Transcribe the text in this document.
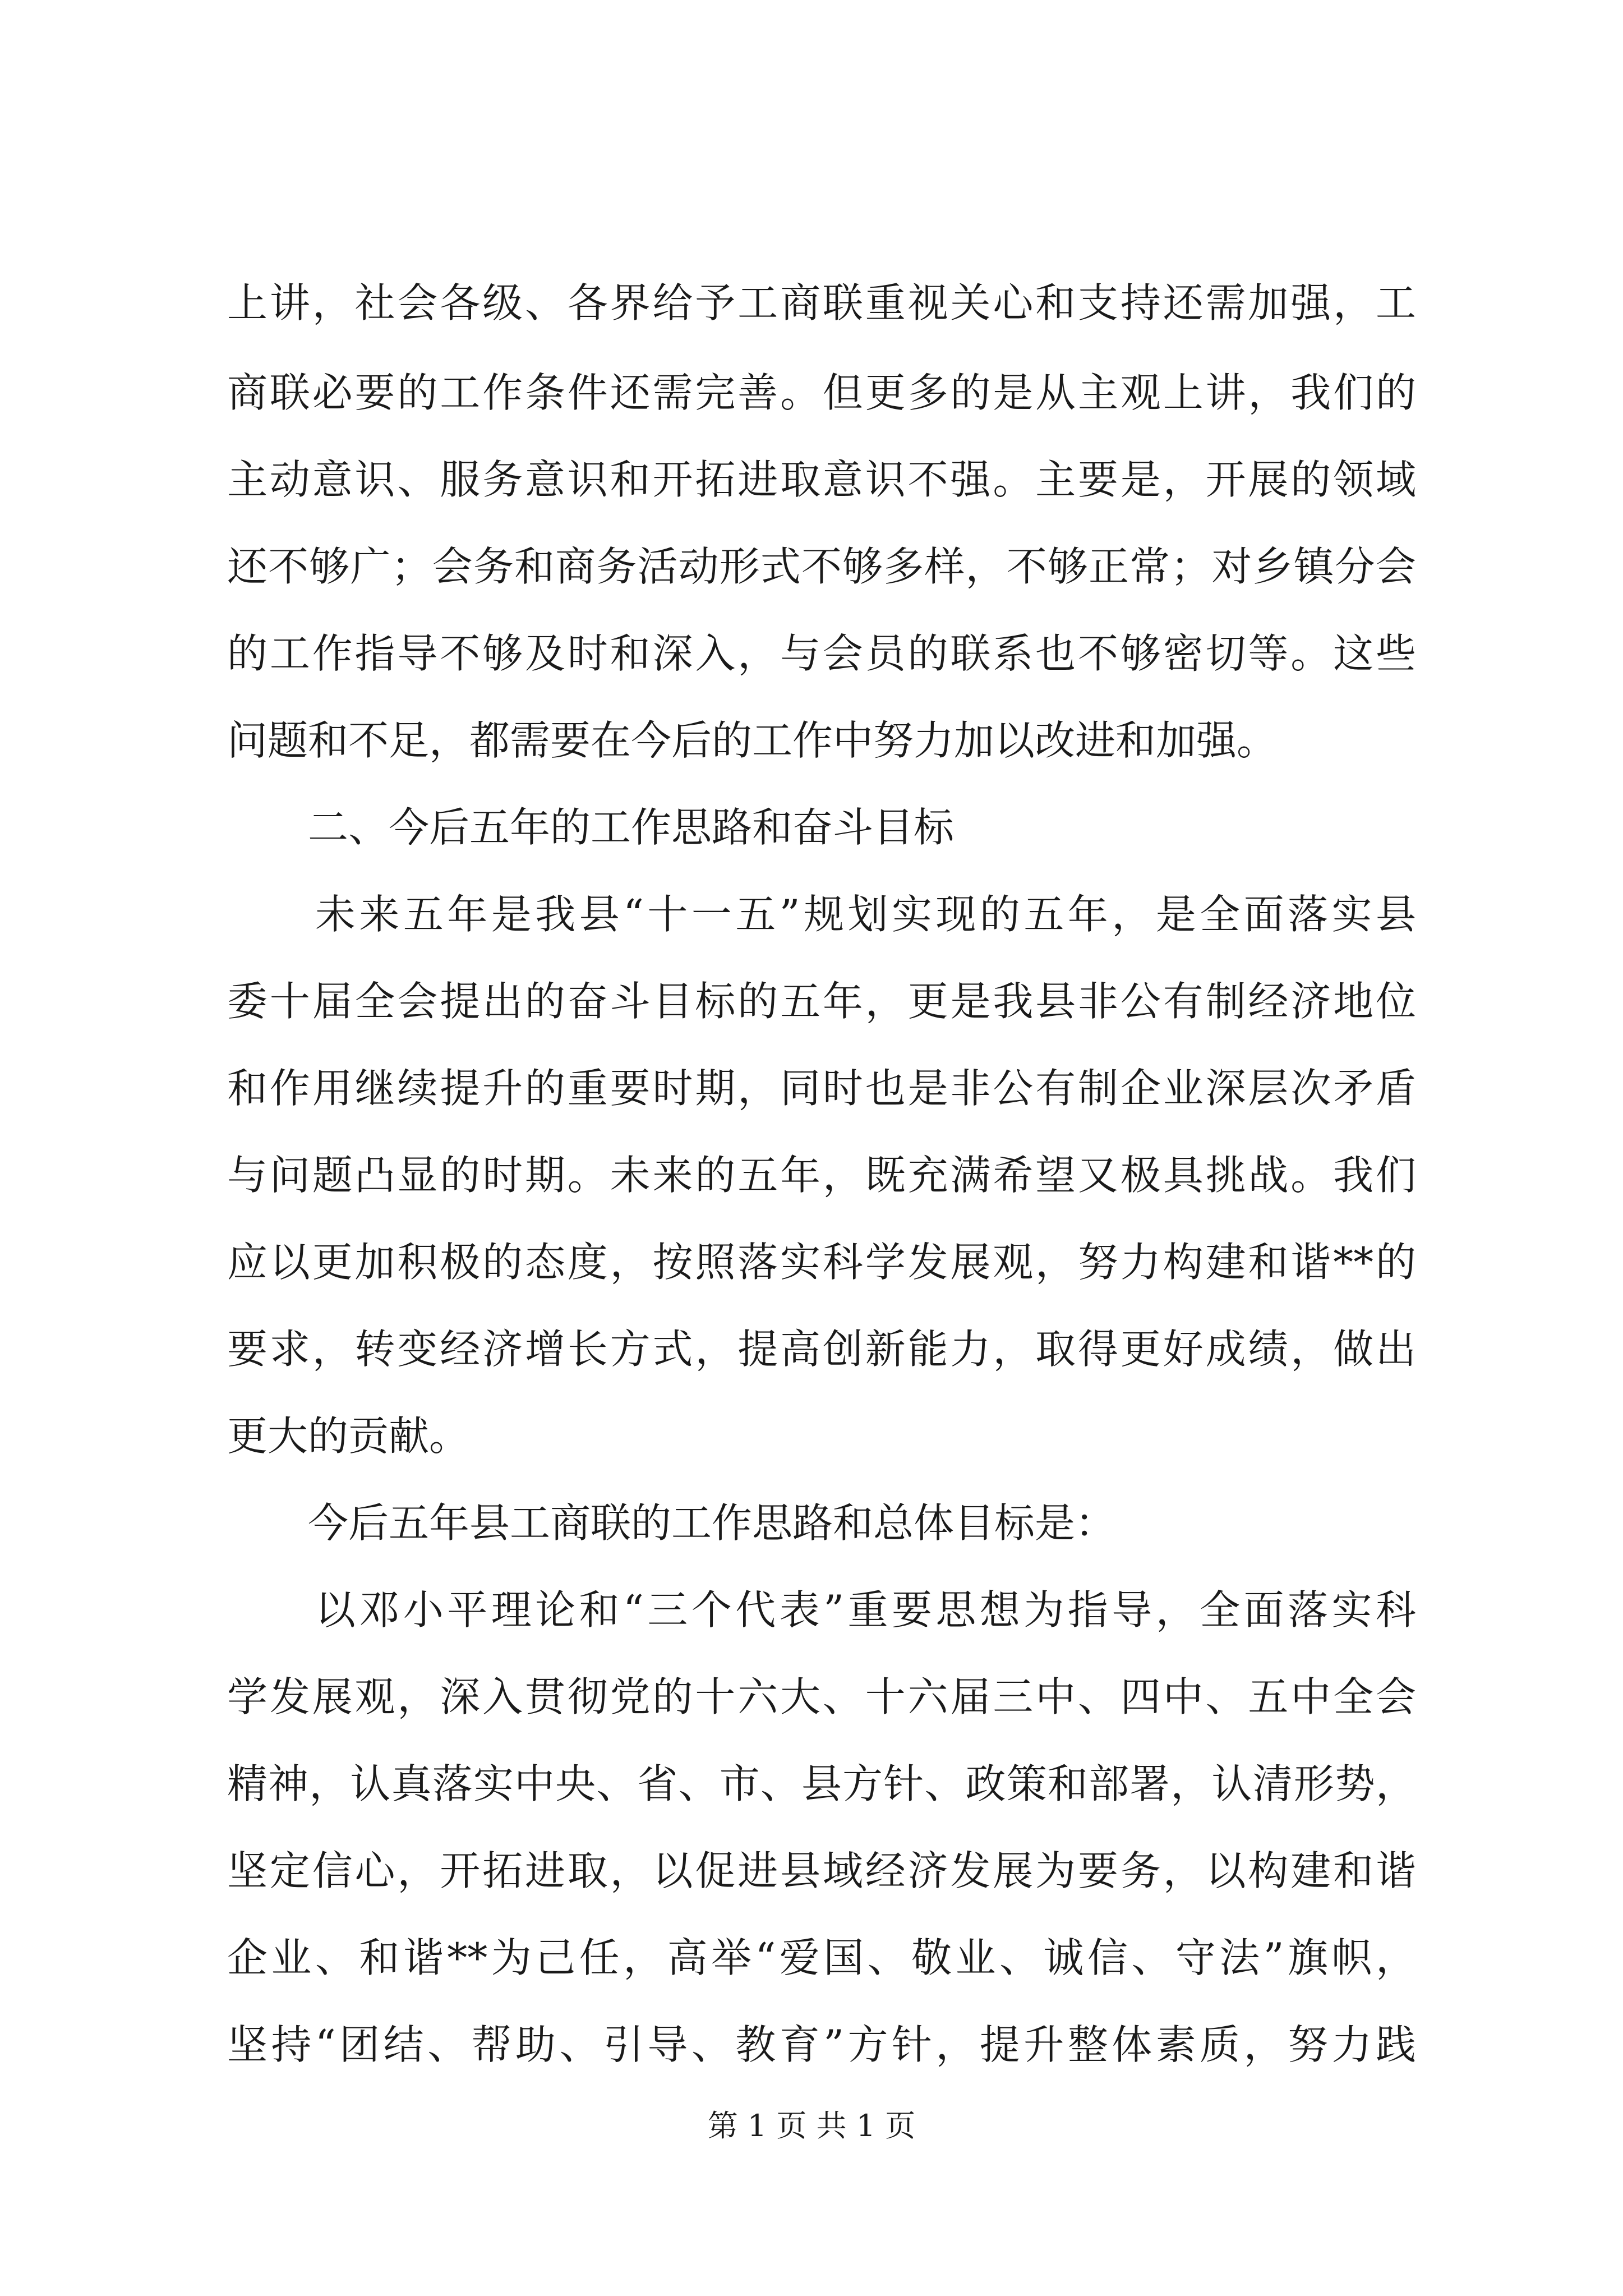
上讲，社会各级、各界给予工商联重视关心和支持还需加强，工
商联必要的工作条件还需完善。但更多的是从主观上讲，我们的
主动意识、服务意识和开拓进取意识不强。主要是，开展的领域
还不够广；会务和商务活动形式不够多样，不够正常；对乡镇分会
的工作指导不够及时和深入，与会员的联系也不够密切等。这些
问题和不足，都需要在今后的工作中努力加以改进和加强。
　　二、今后五年的工作思路和奋斗目标
　　未来五年是我县“十一五”规划实现的五年，是全面落实县
委十届全会提出的奋斗目标的五年，更是我县非公有制经济地位
和作用继续提升的重要时期，同时也是非公有制企业深层次矛盾
与问题凸显的时期。未来的五年，既充满希望又极具挑战。我们
应以更加积极的态度，按照落实科学发展观，努力构建和谐**的
要求，转变经济增长方式，提高创新能力，取得更好成绩，做出
更大的贡献。
　　今后五年县工商联的工作思路和总体目标是：
　　以邓小平理论和“三个代表”重要思想为指导，全面落实科
学发展观，深入贯彻党的十六大、十六届三中、四中、五中全会
精神，认真落实中央、省、市、县方针、政策和部署，认清形势，
坚定信心，开拓进取，以促进县域经济发展为要务，以构建和谐
企业、和谐**为己任，高举“爱国、敬业、诚信、守法”旗帜，
坚持“团结、帮助、引导、教育”方针，提升整体素质，努力践
第 1 页 共 1 页
